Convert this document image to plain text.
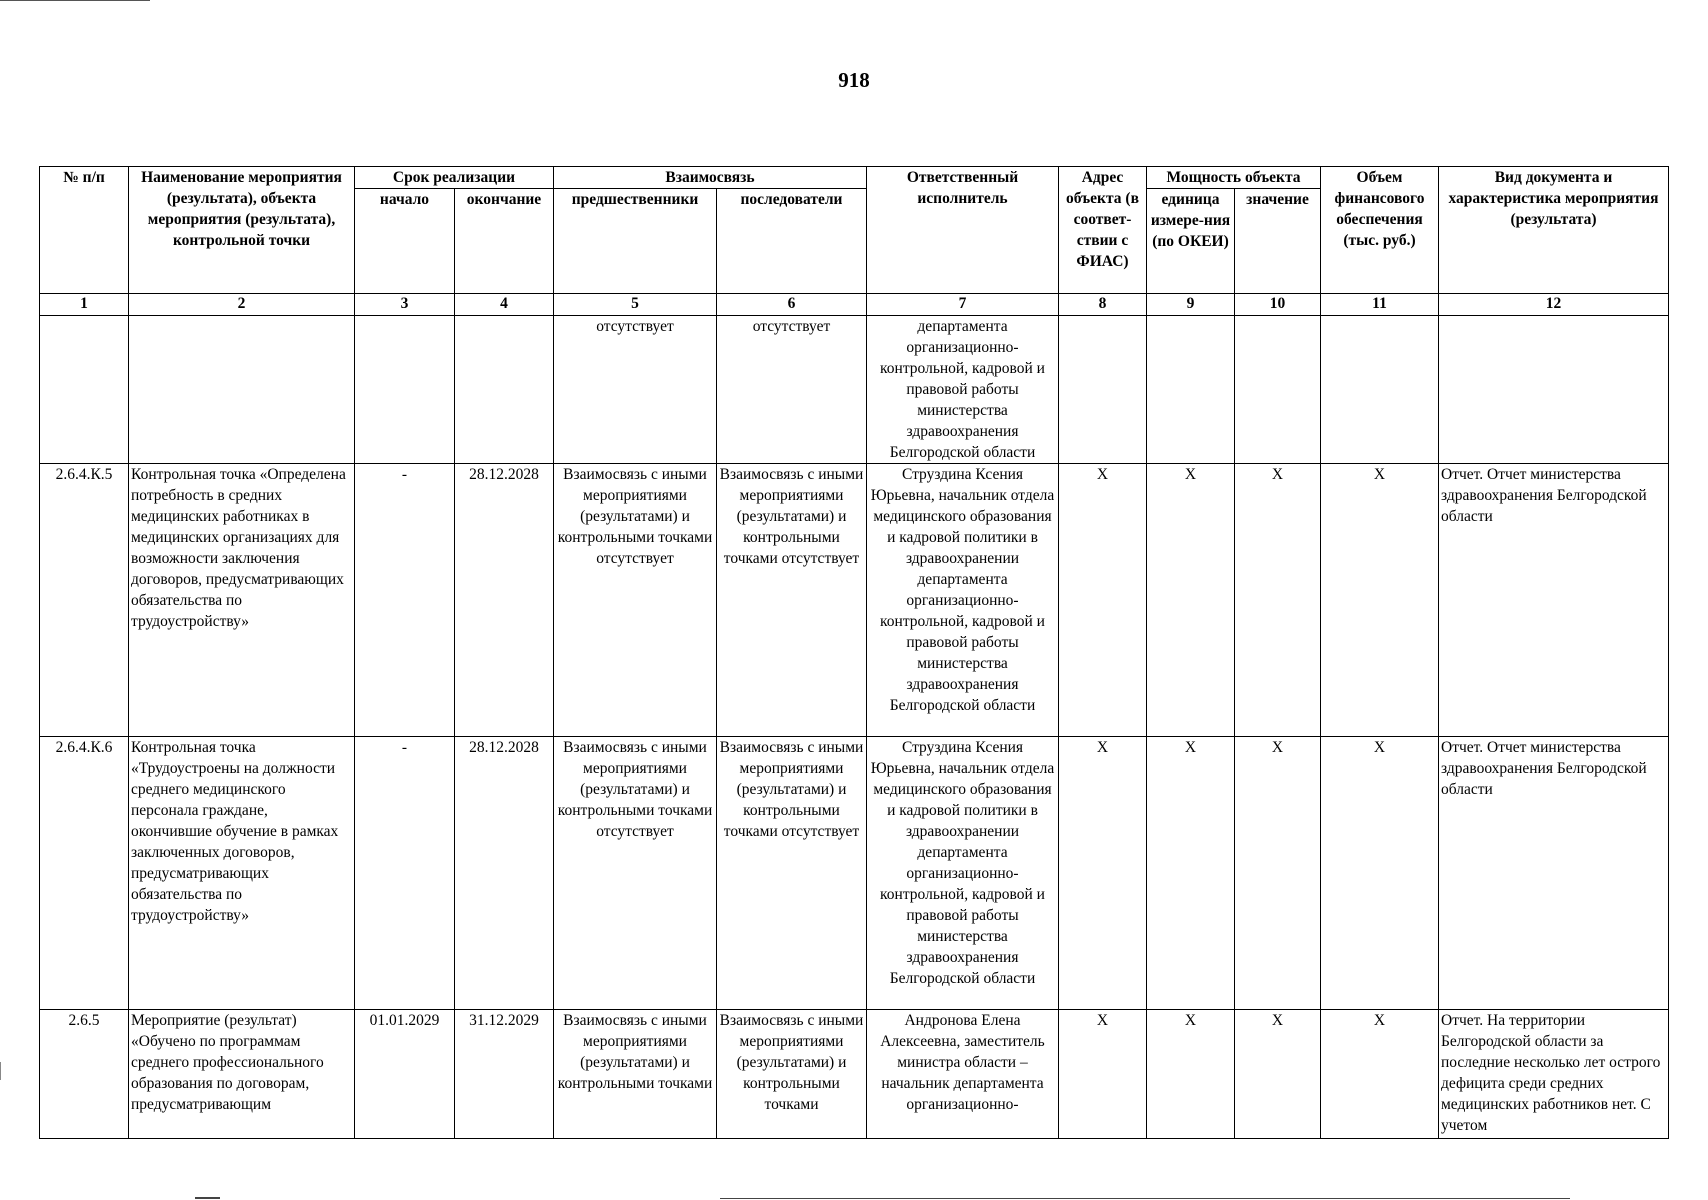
918
№ п/п	Наименование мероприятия (результата), объекта мероприятия (результата), контрольной точки	Срок реализации		Взаимосвязь		Ответственный исполнитель	Адрес объекта (в соответ-ствии с ФИАС)	Мощность объекта		Объем финансового обеспечения (тыс. руб.)	Вид документа и характеристика мероприятия (результата)
		начало	окончание	предшественники	последователи			единица измере-ния (по ОКЕИ)	значение		
1	2	3	4	5	6	7	8	9	10	11	12
				отсутствует	отсутствует	департамента организационно-контрольной, кадровой и правовой работы министерства здравоохранения Белгородской области					
2.6.4.К.5	Контрольная точка «Определена потребность в средних медицинских работниках в медицинских организациях для возможности заключения договоров, предусматривающих обязательства по трудоустройству»	-	28.12.2028	Взаимосвязь с иными мероприятиями (результатами) и контрольными точками отсутствует	Взаимосвязь с иными мероприятиями (результатами) и контрольными точками отсутствует	Струздина Ксения Юрьевна, начальник отдела медицинского образования и кадровой политики в здравоохранении департамента организационно-контрольной, кадровой и правовой работы министерства здравоохранения Белгородской области	X	X	X	X	Отчет. Отчет министерства здравоохранения Белгородской области
2.6.4.К.6	Контрольная точка «Трудоустроены на должности среднего медицинского персонала граждане, окончившие обучение в рамках заключенных договоров, предусматривающих обязательства по трудоустройству»	-	28.12.2028	Взаимосвязь с иными мероприятиями (результатами) и контрольными точками отсутствует	Взаимосвязь с иными мероприятиями (результатами) и контрольными точками отсутствует	Струздина Ксения Юрьевна, начальник отдела медицинского образования и кадровой политики в здравоохранении департамента организационно-контрольной, кадровой и правовой работы министерства здравоохранения Белгородской области	X	X	X	X	Отчет. Отчет министерства здравоохранения Белгородской области
2.6.5	Мероприятие (результат) «Обучено по программам среднего профессионального образования по договорам, предусматривающим	01.01.2029	31.12.2029	Взаимосвязь с иными мероприятиями (результатами) и контрольными точками	Взаимосвязь с иными мероприятиями (результатами) и контрольными точками	Андронова Елена Алексеевна, заместитель министра области – начальник департамента организационно-	X	X	X	X	Отчет. На территории Белгородской области за последние несколько лет острого дефицита среди средних медицинских работников нет. С учетом
